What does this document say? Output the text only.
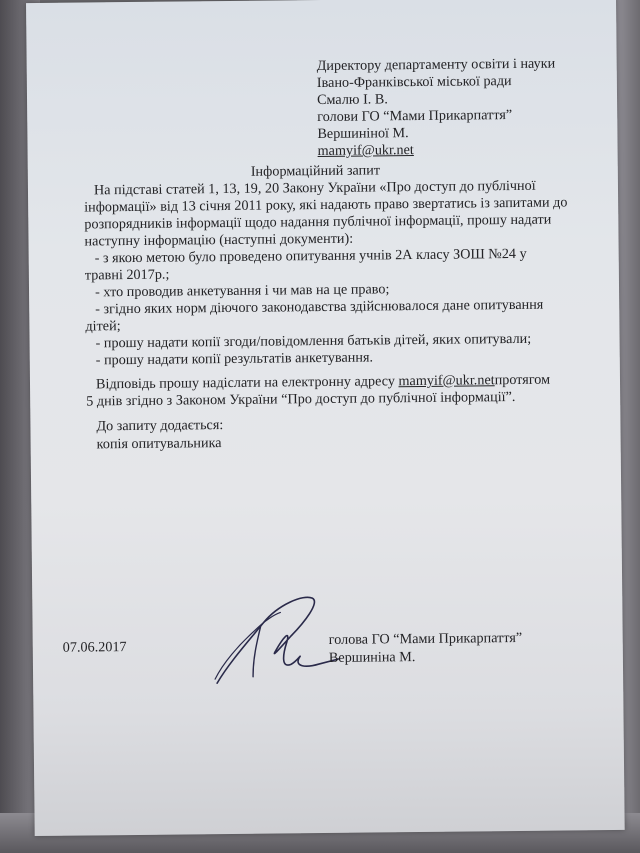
Директору департаменту освіти і науки
Івано-Франківської міської ради
Смалю І. В.
голови ГО “Мами Прикарпаття”
Вершиніної М.
mamyif@ukr.net
Інформаційний запит
На підставі статей 1, 13, 19, 20 Закону України «Про доступ до публічної
інформації» від 13 січня 2011 року, які надають право звертатись із запитами до
розпорядників інформації щодо надання публічної інформації, прошу надати
наступну інформацію (наступні документи):
- з якою метою було проведено опитування учнів 2А класу ЗОШ №24 у
травні 2017р.;
- хто проводив анкетування і чи мав на це право;
- згідно яких норм діючого законодавства здійснювалося дане опитування
дітей;
- прошу надати копії згоди/повідомлення батьків дітей, яких опитували;
- прошу надати копії результатів анкетування.
Відповідь прошу надіслати на електронну адресу mamyif@ukr.netпротягом
5 днів згідно з Законом України “Про доступ до публічної інформації”.
До запиту додається:
копія опитувальника
07.06.2017	голова ГО “Мами Прикарпаття”
Вершиніна М.
